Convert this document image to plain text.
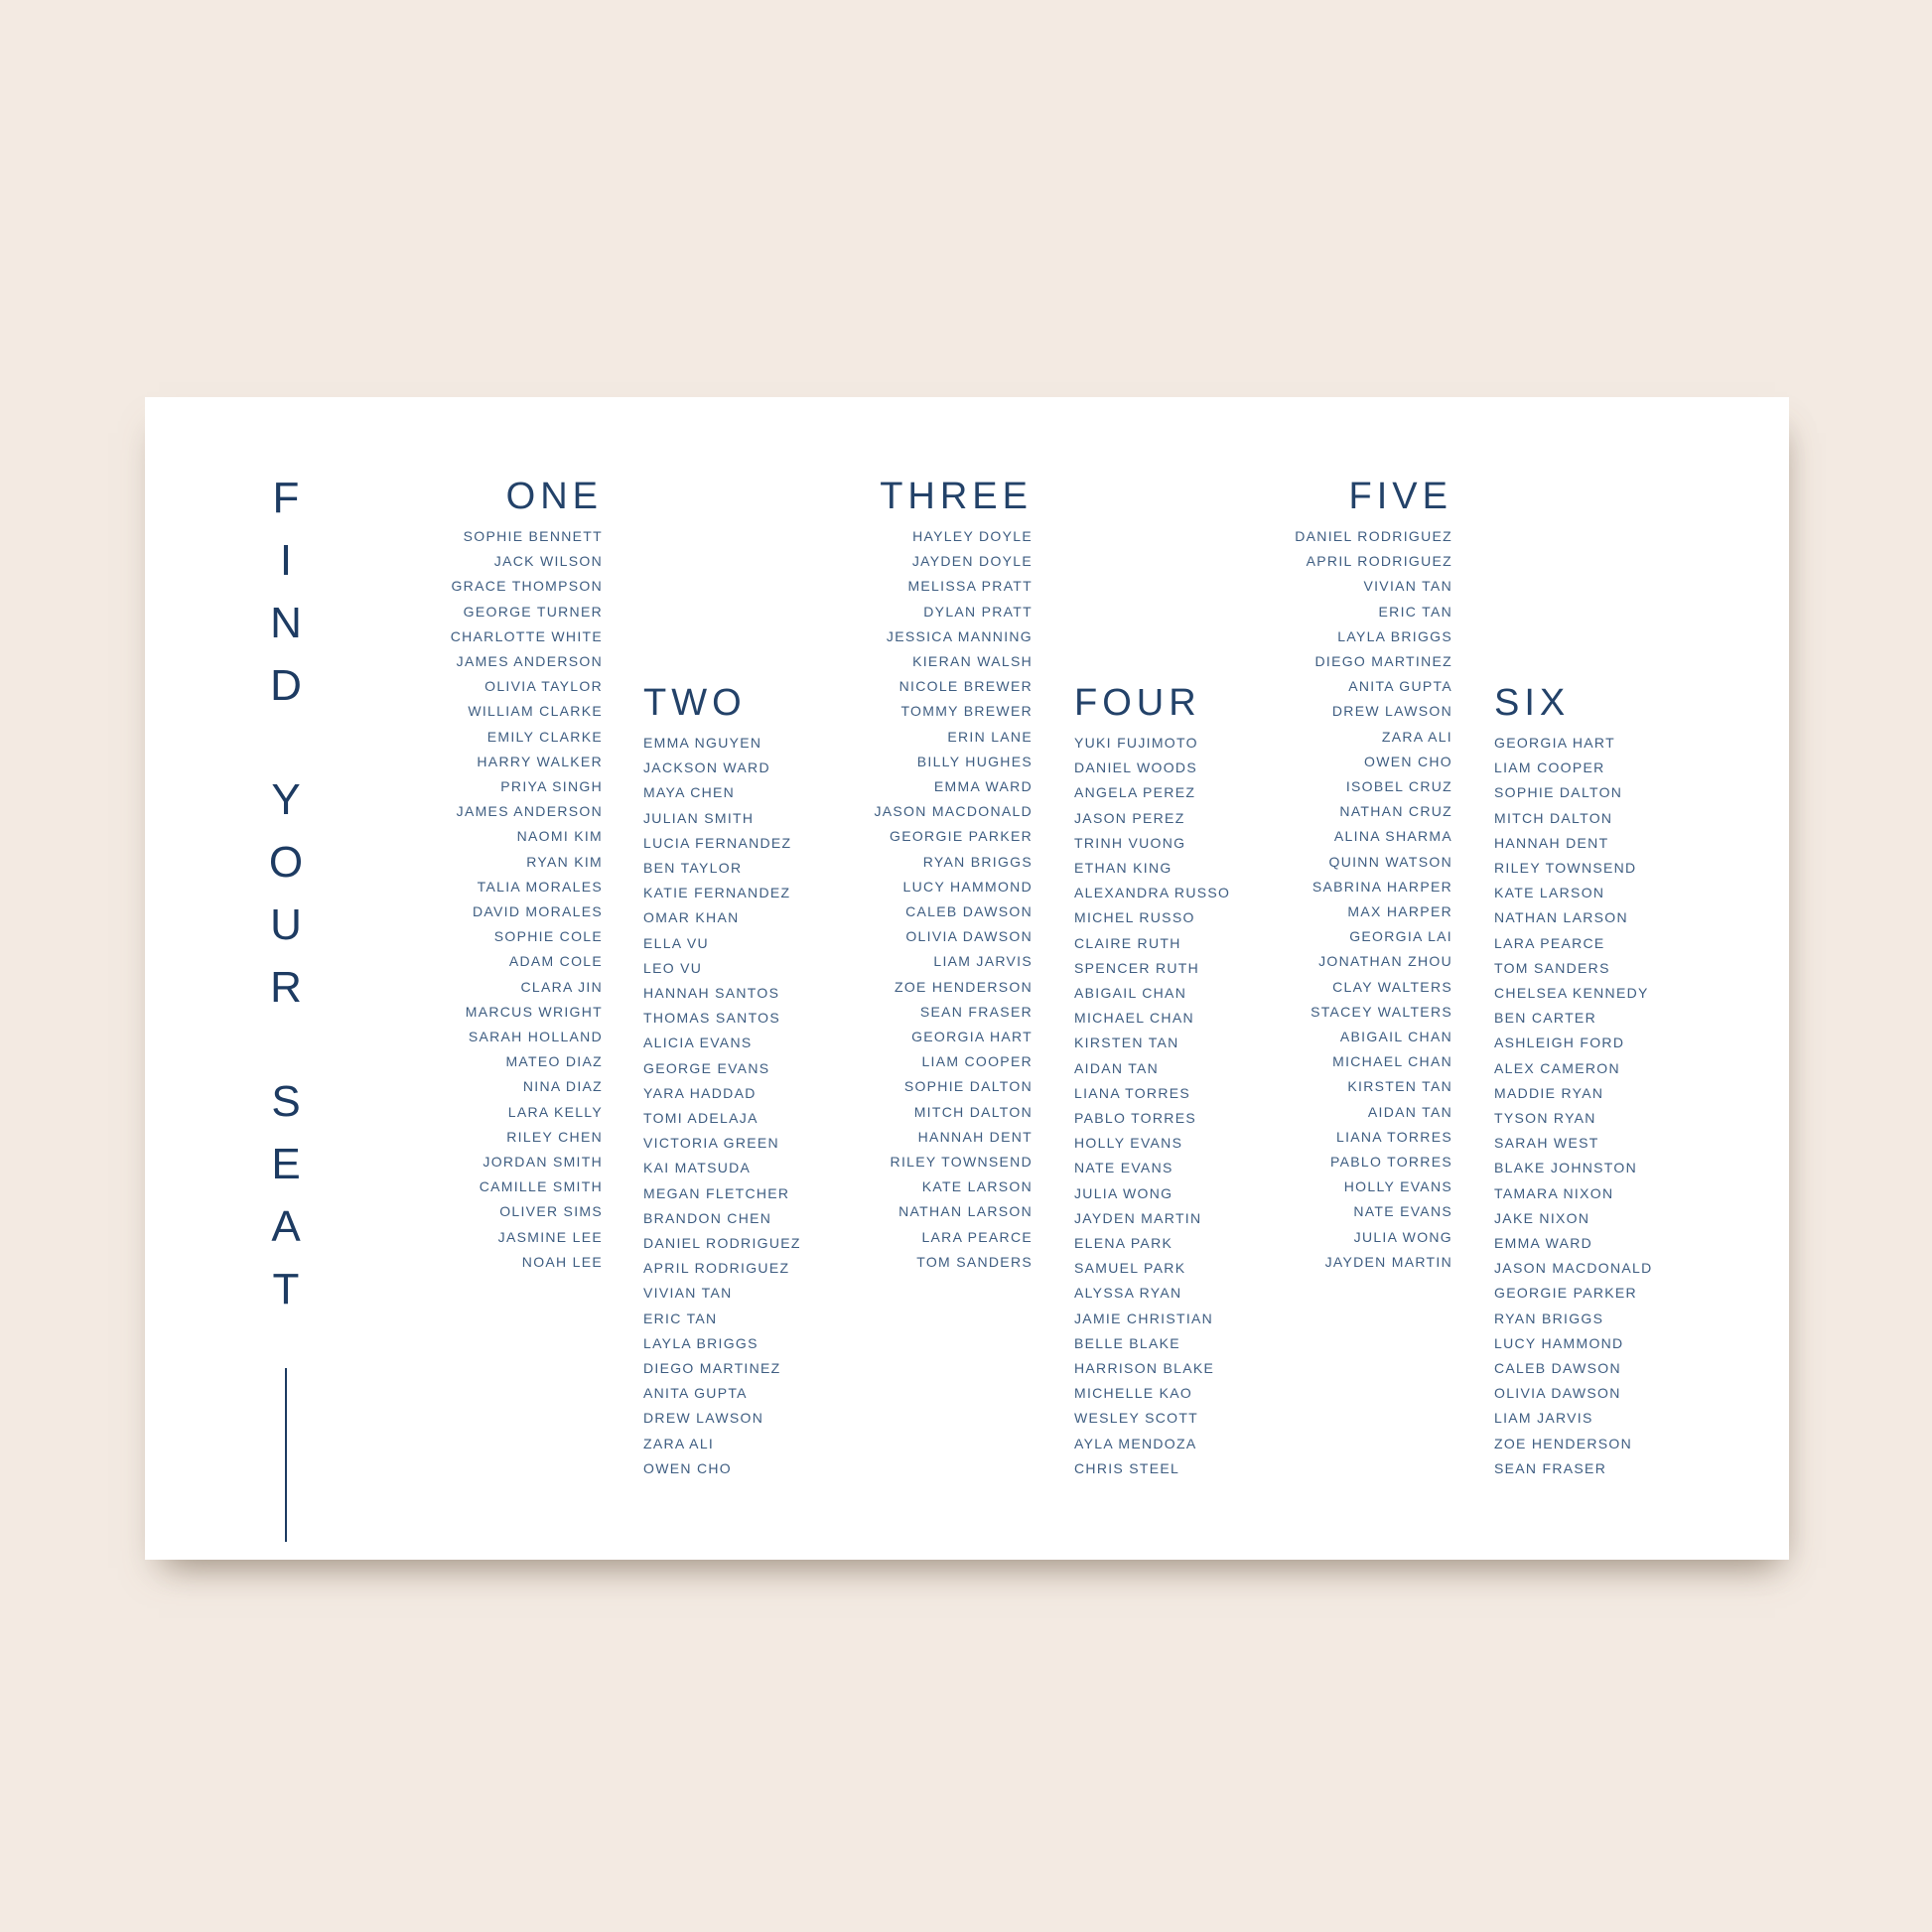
F
I
N
D
Y
O
U
R
S
E
A
T
ONE
SOPHIE BENNETT
JACK WILSON
GRACE THOMPSON
GEORGE TURNER
CHARLOTTE WHITE
JAMES ANDERSON
OLIVIA TAYLOR
WILLIAM CLARKE
EMILY CLARKE
HARRY WALKER
PRIYA SINGH
JAMES ANDERSON
NAOMI KIM
RYAN KIM
TALIA MORALES
DAVID MORALES
SOPHIE COLE
ADAM COLE
CLARA JIN
MARCUS WRIGHT
SARAH HOLLAND
MATEO DIAZ
NINA DIAZ
LARA KELLY
RILEY CHEN
JORDAN SMITH
CAMILLE SMITH
OLIVER SIMS
JASMINE LEE
NOAH LEE
TWO
EMMA NGUYEN
JACKSON WARD
MAYA CHEN
JULIAN SMITH
LUCIA FERNANDEZ
BEN TAYLOR
KATIE FERNANDEZ
OMAR KHAN
ELLA VU
LEO VU
HANNAH SANTOS
THOMAS SANTOS
ALICIA EVANS
GEORGE EVANS
YARA HADDAD
TOMI ADELAJA
VICTORIA GREEN
KAI MATSUDA
MEGAN FLETCHER
BRANDON CHEN
DANIEL RODRIGUEZ
APRIL RODRIGUEZ
VIVIAN TAN
ERIC TAN
LAYLA BRIGGS
DIEGO MARTINEZ
ANITA GUPTA
DREW LAWSON
ZARA ALI
OWEN CHO
THREE
HAYLEY DOYLE
JAYDEN DOYLE
MELISSA PRATT
DYLAN PRATT
JESSICA MANNING
KIERAN WALSH
NICOLE BREWER
TOMMY BREWER
ERIN LANE
BILLY HUGHES
EMMA WARD
JASON MACDONALD
GEORGIE PARKER
RYAN BRIGGS
LUCY HAMMOND
CALEB DAWSON
OLIVIA DAWSON
LIAM JARVIS
ZOE HENDERSON
SEAN FRASER
GEORGIA HART
LIAM COOPER
SOPHIE DALTON
MITCH DALTON
HANNAH DENT
RILEY TOWNSEND
KATE LARSON
NATHAN LARSON
LARA PEARCE
TOM SANDERS
FOUR
YUKI FUJIMOTO
DANIEL WOODS
ANGELA PEREZ
JASON PEREZ
TRINH VUONG
ETHAN KING
ALEXANDRA RUSSO
MICHEL RUSSO
CLAIRE RUTH
SPENCER RUTH
ABIGAIL CHAN
MICHAEL CHAN
KIRSTEN TAN
AIDAN TAN
LIANA TORRES
PABLO TORRES
HOLLY EVANS
NATE EVANS
JULIA WONG
JAYDEN MARTIN
ELENA PARK
SAMUEL PARK
ALYSSA RYAN
JAMIE CHRISTIAN
BELLE BLAKE
HARRISON BLAKE
MICHELLE KAO
WESLEY SCOTT
AYLA MENDOZA
CHRIS STEEL
FIVE
DANIEL RODRIGUEZ
APRIL RODRIGUEZ
VIVIAN TAN
ERIC TAN
LAYLA BRIGGS
DIEGO MARTINEZ
ANITA GUPTA
DREW LAWSON
ZARA ALI
OWEN CHO
ISOBEL CRUZ
NATHAN CRUZ
ALINA SHARMA
QUINN WATSON
SABRINA HARPER
MAX HARPER
GEORGIA LAI
JONATHAN ZHOU
CLAY WALTERS
STACEY WALTERS
ABIGAIL CHAN
MICHAEL CHAN
KIRSTEN TAN
AIDAN TAN
LIANA TORRES
PABLO TORRES
HOLLY EVANS
NATE EVANS
JULIA WONG
JAYDEN MARTIN
SIX
GEORGIA HART
LIAM COOPER
SOPHIE DALTON
MITCH DALTON
HANNAH DENT
RILEY TOWNSEND
KATE LARSON
NATHAN LARSON
LARA PEARCE
TOM SANDERS
CHELSEA KENNEDY
BEN CARTER
ASHLEIGH FORD
ALEX CAMERON
MADDIE RYAN
TYSON RYAN
SARAH WEST
BLAKE JOHNSTON
TAMARA NIXON
JAKE NIXON
EMMA WARD
JASON MACDONALD
GEORGIE PARKER
RYAN BRIGGS
LUCY HAMMOND
CALEB DAWSON
OLIVIA DAWSON
LIAM JARVIS
ZOE HENDERSON
SEAN FRASER
